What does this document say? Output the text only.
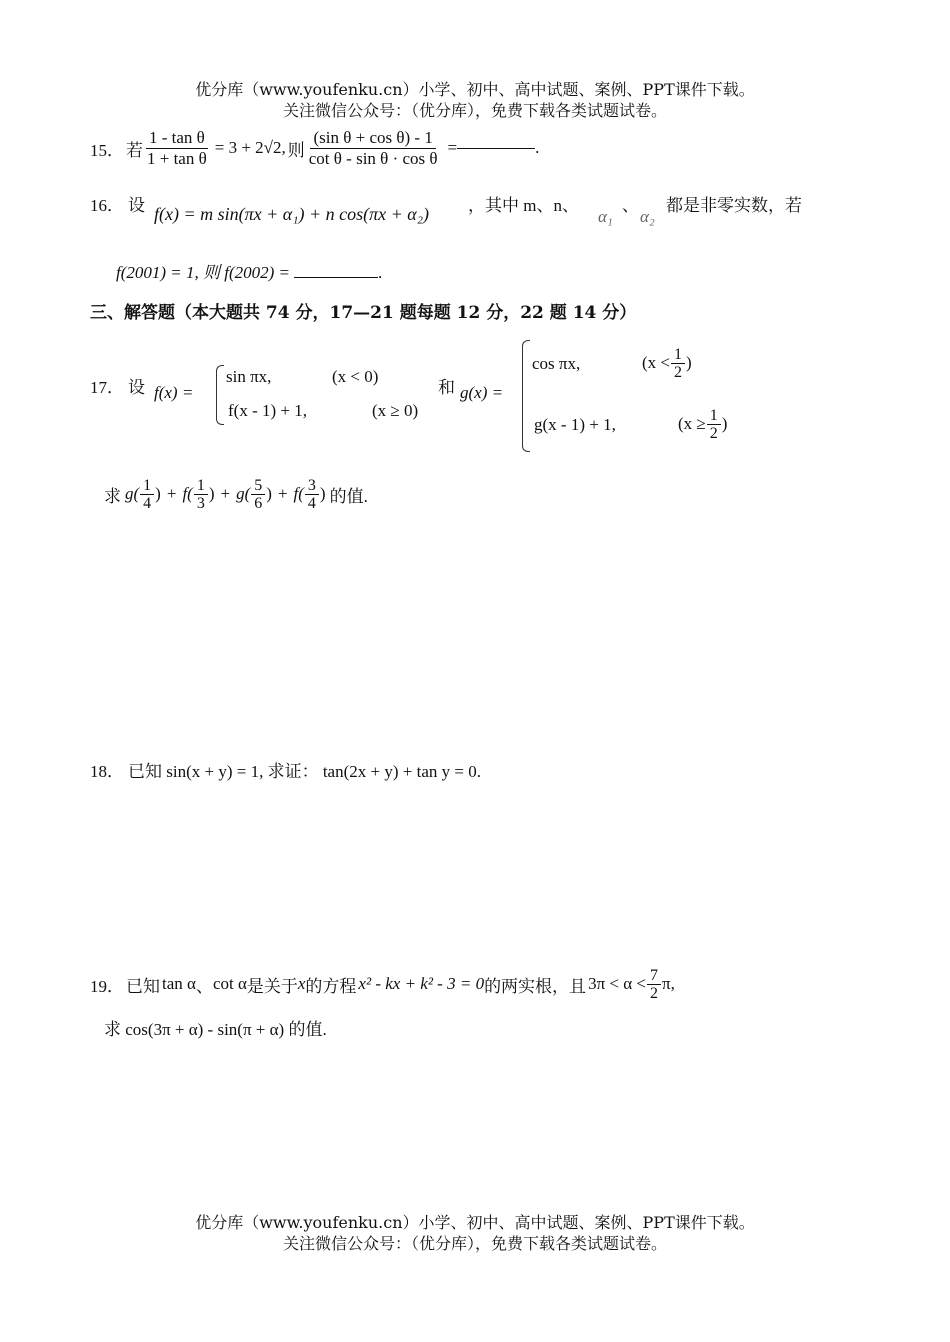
优分库（www.youfenku.cn）小学、初中、高中试题、案例、PPT课件下载。
关注微信公众号：（优分库），免费下载各类试题试卷。
15． 若 $\frac{\text{1 - tan θ}}{\text{1 + tan θ}} = 3 + 2√2$, 则 $\frac{\text{(sin θ + cos θ) - 1}}{\text{cot θ - sin θ · cos θ}}$ =	.
16． 设 f(x) = m sin(πx + α₁) + n cos(πx + α₂) ，其中 m、n、
α₁
、
α₂
都是非零实数，若
f(2001) = 1, 则 f(2002) =	.
三、解答题（本大题共 74 分，17—21 题每题 12 分，22 题 14 分）
17． 设 f(x) =
sin πx,	(x < 0)
f(x - 1) + 1,	(x ≥ 0)
和 g(x) =
cos πx,	($x < \frac{1}{2}$ )
g(x - 1) + 1,	($x \ge \frac{1}{2}$ )
求 $g( \frac{1}{4}$ ) + $f( \frac{1}{3}$ ) + $g( \frac{5}{6}$ ) + $f( \frac{3}{4}$ ) 的值.
18． 已知 sin(x + y) = 1, 求证： tan(2x + y) + tan y = 0.
19． 已知 tan α 、 cot α 是关于 x 的方程 x² - kx + k² - 3 = 0 的两实根，且 $3\pi < \alpha < \frac{7}{2} \pi$,
求 cos(3π + α) - sin(π + α) 的值.
优分库（www.youfenku.cn）小学、初中、高中试题、案例、PPT课件下载。
关注微信公众号：（优分库），免费下载各类试题试卷。
